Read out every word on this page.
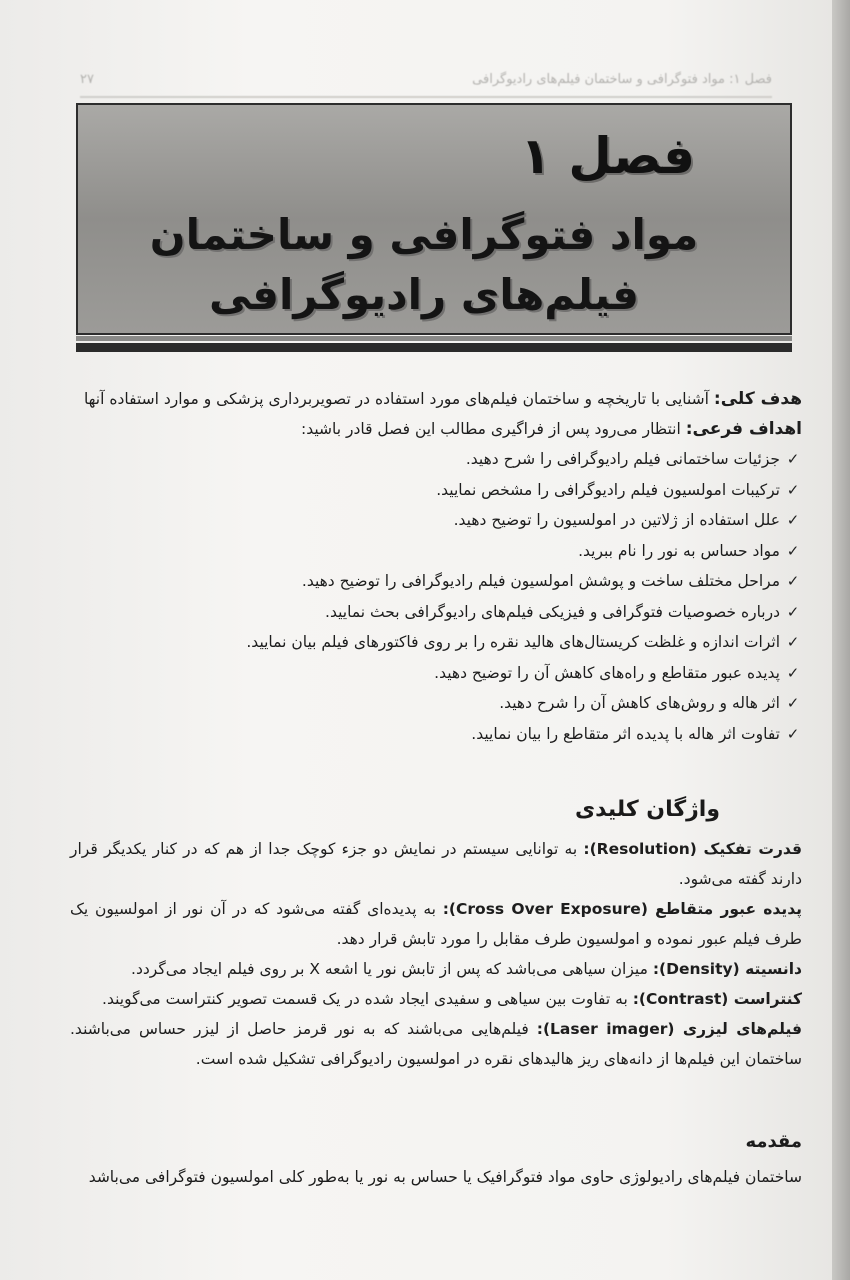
فصل ۱: مواد فتوگرافی و ساختمان فیلم‌های رادیوگرافی
۲۷
فصل ۱
مواد فتوگرافی و ساختمان فیلم‌های رادیوگرافی

هدف کلی: آشنایی با تاریخچه و ساختمان فیلم‌های مورد استفاده در تصویربرداری پزشکی و موارد استفاده آنها

اهداف فرعی: انتظار می‌رود پس از فراگیری مطالب این فصل قادر باشید:

✓
جزئیات ساختمانی فیلم رادیوگرافی را شرح دهید.
✓
ترکیبات امولسیون فیلم رادیوگرافی را مشخص نمایید.
✓
علل استفاده از ژلاتین در امولسیون را توضیح دهید.
✓
مواد حساس به نور را نام ببرید.
✓
مراحل مختلف ساخت و پوشش امولسیون فیلم رادیوگرافی را توضیح دهید.
✓
درباره خصوصیات فتوگرافی و فیزیکی فیلم‌های رادیوگرافی بحث نمایید.
✓
اثرات اندازه و غلظت کریستال‌های هالید نقره را بر روی فاکتورهای فیلم بیان نمایید.
✓
پدیده عبور متقاطع و راه‌های کاهش آن را توضیح دهید.
✓
اثر هاله و روش‌های کاهش آن را شرح دهید.
✓
تفاوت اثر هاله با پدیده اثر متقاطع را بیان نمایید.
واژگان کلیدی

قدرت تفکیک (Resolution): به توانایی سیستم در نمایش دو جزء کوچک جدا از هم که در کنار یکدیگر قرار دارند گفته می‌شود.

پدیده عبور متقاطع (Cross Over Exposure): به پدیده‌ای گفته می‌شود که در آن نور از امولسیون یک طرف فیلم عبور نموده و امولسیون طرف مقابل را مورد تابش قرار دهد.

دانسیته (Density): میزان سیاهی می‌باشد که پس از تابش نور یا اشعه X بر روی فیلم ایجاد می‌گردد.

کنتراست (Contrast): به تفاوت بین سیاهی و سفیدی ایجاد شده در یک قسمت تصویر کنتراست می‌گویند.

فیلم‌های لیزری (Laser imager): فیلم‌هایی می‌باشند که به نور قرمز حاصل از لیزر حساس می‌باشند. ساختمان این فیلم‌ها از دانه‌های ریز هالیدهای نقره در امولسیون رادیوگرافی تشکیل شده است.

مقدمه

ساختمان فیلم‌های رادیولوژی حاوی مواد فتوگرافیک یا حساس به نور یا به‌طور کلی امولسیون فتوگرافی می‌باشد
